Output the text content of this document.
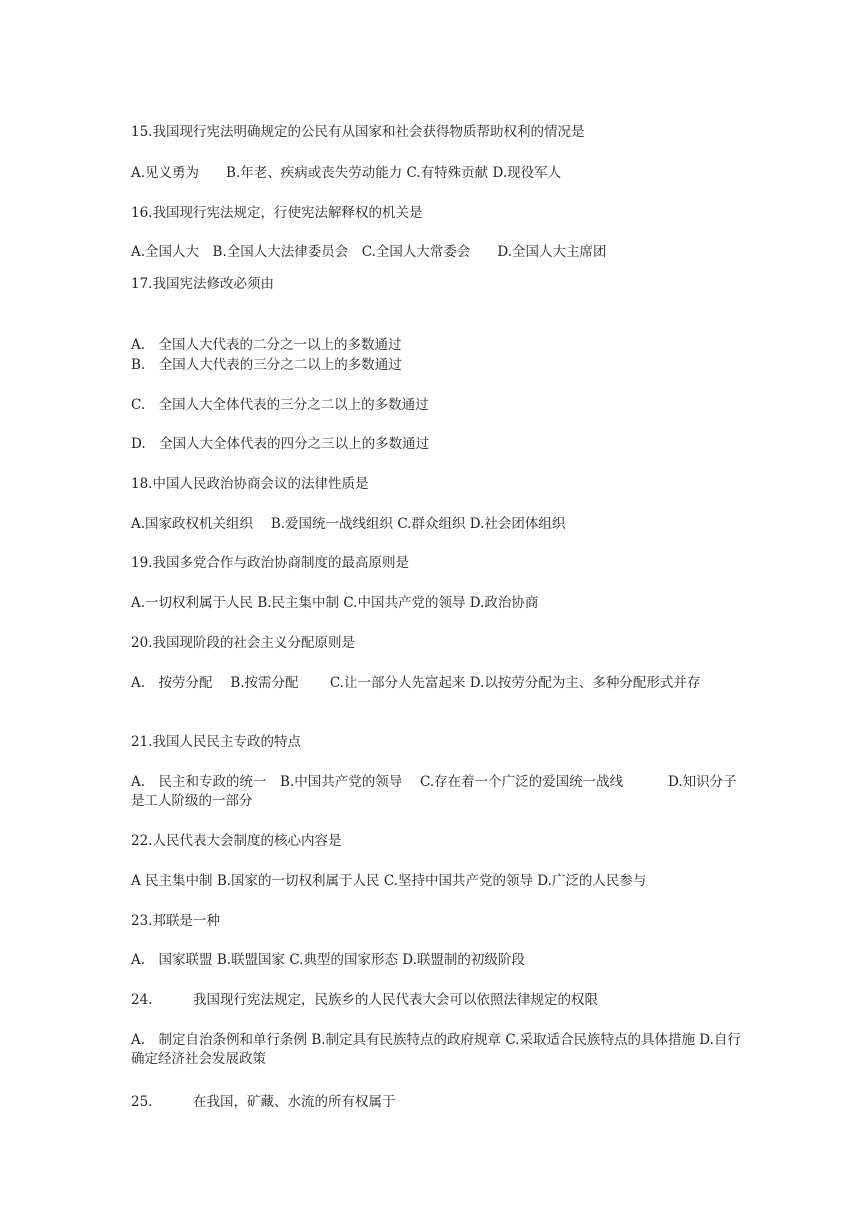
15.我国现行宪法明确规定的公民有从国家和社会获得物质帮助权利的情况是
A.见义勇为　　B.年老、疾病或丧失劳动能力 C.有特殊贡献 D.现役军人
16.我国现行宪法规定，行使宪法解释权的机关是
A.全国人大　B.全国人大法律委员会　C.全国人大常委会　　D.全国人大主席团
17.我国宪法修改必须由
A.　全国人大代表的二分之一以上的多数通过
B.　全国人大代表的三分之二以上的多数通过
C.　全国人大全体代表的三分之二以上的多数通过
D.　全国人大全体代表的四分之三以上的多数通过
18.中国人民政治协商会议的法律性质是
A.国家政权机关组织　 B.爱国统一战线组织 C.群众组织 D.社会团体组织
19.我国多党合作与政治协商制度的最高原则是
A.一切权利属于人民 B.民主集中制 C.中国共产党的领导 D.政治协商
20.我国现阶段的社会主义分配原则是
A.　按劳分配　 B.按需分配　　 C.让一部分人先富起来 D.以按劳分配为主、多种分配形式并存
21.我国人民民主专政的特点
A.　民主和专政的统一　B.中国共产党的领导　 C.存在着一个广泛的爱国统一战线　　　 D.知识分子是工人阶级的一部分
22.人民代表大会制度的核心内容是
A 民主集中制 B.国家的一切权利属于人民 C.坚持中国共产党的领导 D.广泛的人民参与
23.邦联是一种
A.　国家联盟 B.联盟国家 C.典型的国家形态 D.联盟制的初级阶段
24.　　　我国现行宪法规定，民族乡的人民代表大会可以依照法律规定的权限
A.　制定自治条例和单行条例 B.制定具有民族特点的政府规章 C.采取适合民族特点的具体措施 D.自行确定经济社会发展政策
25.　　　在我国，矿藏、水流的所有权属于
